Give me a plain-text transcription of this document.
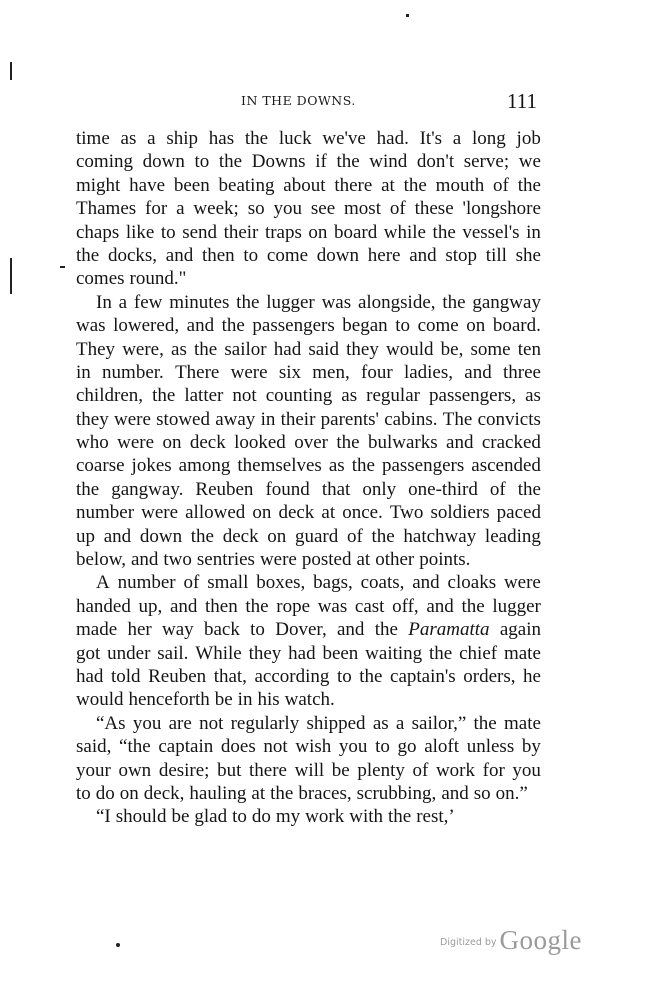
IN THE DOWNS.	111
time as a ship has the luck we've had. It's a long job
coming down to the Downs if the wind don't serve; we
might have been beating about there at the mouth of the
Thames for a week; so you see most of these 'longshore
chaps like to send their traps on board while the vessel's in
the docks, and then to come down here and stop till she
comes round."
In a few minutes the lugger was alongside, the gangway
was lowered, and the passengers began to come on board.
They were, as the sailor had said they would be, some ten
in number. There were six men, four ladies, and three
children, the latter not counting as regular passengers, as
they were stowed away in their parents' cabins. The convicts
who were on deck looked over the bulwarks and cracked
coarse jokes among themselves as the passengers ascended
the gangway. Reuben found that only one-third of the
number were allowed on deck at once. Two soldiers paced
up and down the deck on guard of the hatchway leading
below, and two sentries were posted at other points.
A number of small boxes, bags, coats, and cloaks were
handed up, and then the rope was cast off, and the lugger
made her way back to Dover, and the Paramatta again
got under sail. While they had been waiting the chief mate
had told Reuben that, according to the captain's orders, he
would henceforth be in his watch.
“As you are not regularly shipped as a sailor,” the mate
said, “the captain does not wish you to go aloft unless by
your own desire; but there will be plenty of work for you
to do on deck, hauling at the braces, scrubbing, and so on.”
“I should be glad to do my work with the rest,’
$^{Digitized by}$ Google
